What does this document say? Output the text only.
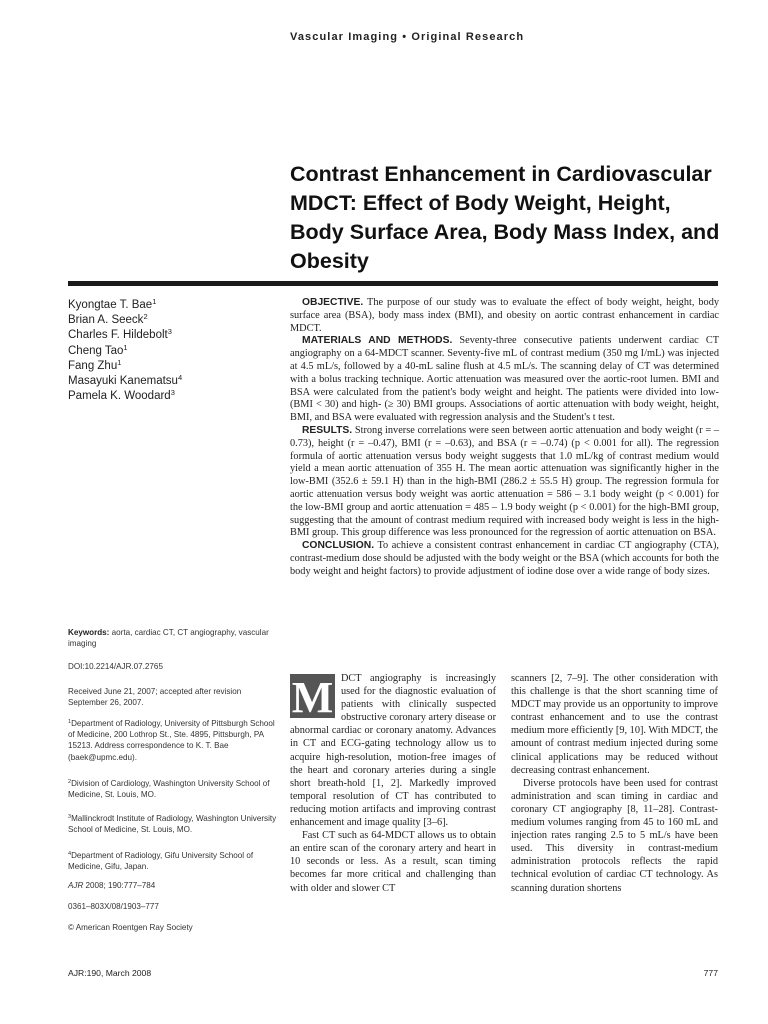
Vascular Imaging • Original Research
Contrast Enhancement in Cardiovascular MDCT: Effect of Body Weight, Height, Body Surface Area, Body Mass Index, and Obesity
Kyongtae T. Bae$^1$
Brian A. Seeck$^2$
Charles F. Hildebolt$^3$
Cheng Tao$^1$
Fang Zhu$^1$
Masayuki Kanematsu$^4$
Pamela K. Woodard$^3$

OBJECTIVE. The purpose of our study was to evaluate the effect of body weight, height, body surface area (BSA), body mass index (BMI), and obesity on aortic contrast enhancement in cardiac MDCT.

MATERIALS AND METHODS. Seventy-three consecutive patients underwent cardiac CT angiography on a 64-MDCT scanner. Seventy-five mL of contrast medium (350 mg I/mL) was injected at 4.5 mL/s, followed by a 40-mL saline flush at 4.5 mL/s. The scanning delay of CT was determined with a bolus tracking technique. Aortic attenuation was measured over the aortic-root lumen. BMI and BSA were calculated from the patient's body weight and height. The patients were divided into low- (BMI < 30) and high- (≥ 30) BMI groups. Associations of aortic attenuation with body weight, height, BMI, and BSA were evaluated with regression analysis and the Student's t test.

RESULTS. Strong inverse correlations were seen between aortic attenuation and body weight (r = –0.73), height (r = –0.47), BMI (r = –0.63), and BSA (r = –0.74) (p < 0.001 for all). The regression formula of aortic attenuation versus body weight suggests that 1.0 mL/kg of contrast medium would yield a mean aortic attenuation of 355 H. The mean aortic attenuation was significantly higher in the low-BMI (352.6 ± 59.1 H) than in the high-BMI (286.2 ± 55.5 H) group. The regression formula for aortic attenuation versus body weight was aortic attenuation = 586 – 3.1 body weight (p < 0.001) for the low-BMI group and aortic attenuation = 485 – 1.9 body weight (p < 0.001) for the high-BMI group, suggesting that the amount of contrast medium required with increased body weight is less in the high-BMI group. This group difference was less pronounced for the regression of aortic attenuation on BSA.

CONCLUSION. To achieve a consistent contrast enhancement in cardiac CT angiography (CTA), contrast-medium dose should be adjusted with the body weight or the BSA (which accounts for both the body weight and height factors) to provide adjustment of iodine dose over a wide range of body sizes.

Keywords: aorta, cardiac CT, CT angiography, vascular imaging
DOI:10.2214/AJR.07.2765
Received June 21, 2007; accepted after revision September 26, 2007.
$^1$Department of Radiology, University of Pittsburgh School of Medicine, 200 Lothrop St., Ste. 4895, Pittsburgh, PA 15213. Address correspondence to K. T. Bae (baek@upmc.edu).
$^2$Division of Cardiology, Washington University School of Medicine, St. Louis, MO.
$^3$Mallinckrodt Institute of Radiology, Washington University School of Medicine, St. Louis, MO.
$^4$Department of Radiology, Gifu University School of Medicine, Gifu, Japan.
AJR 2008; 190:777–784
0361–803X/08/1903–777
© American Roentgen Ray Society

M DCT angiography is increasingly used for the diagnostic evaluation of patients with clinically suspected obstructive coronary artery disease or abnormal cardiac or coronary anatomy. Advances in CT and ECG-gating technology allow us to acquire high-resolution, motion-free images of the heart and coronary arteries during a single short breath-hold [1, 2]. Markedly improved temporal resolution of CT has contributed to reducing motion artifacts and improving contrast enhancement and image quality [3–6].

Fast CT such as 64-MDCT allows us to obtain an entire scan of the coronary artery and heart in 10 seconds or less. As a result, scan timing becomes far more critical and challenging than with older and slower CT

scanners [2, 7–9]. The other consideration with this challenge is that the short scanning time of MDCT may provide us an opportunity to improve contrast enhancement and to use the contrast medium more efficiently [9, 10]. With MDCT, the amount of contrast medium injected during some clinical applications may be reduced without decreasing contrast enhancement.

Diverse protocols have been used for contrast administration and scan timing in cardiac and coronary CT angiography [8, 11–28]. Contrast-medium volumes ranging from 45 to 160 mL and injection rates ranging 2.5 to 5 mL/s have been used. This diversity in contrast-medium administration protocols reflects the rapid technical evolution of cardiac CT technology. As scanning duration shortens

AJR:190, March 2008	777
